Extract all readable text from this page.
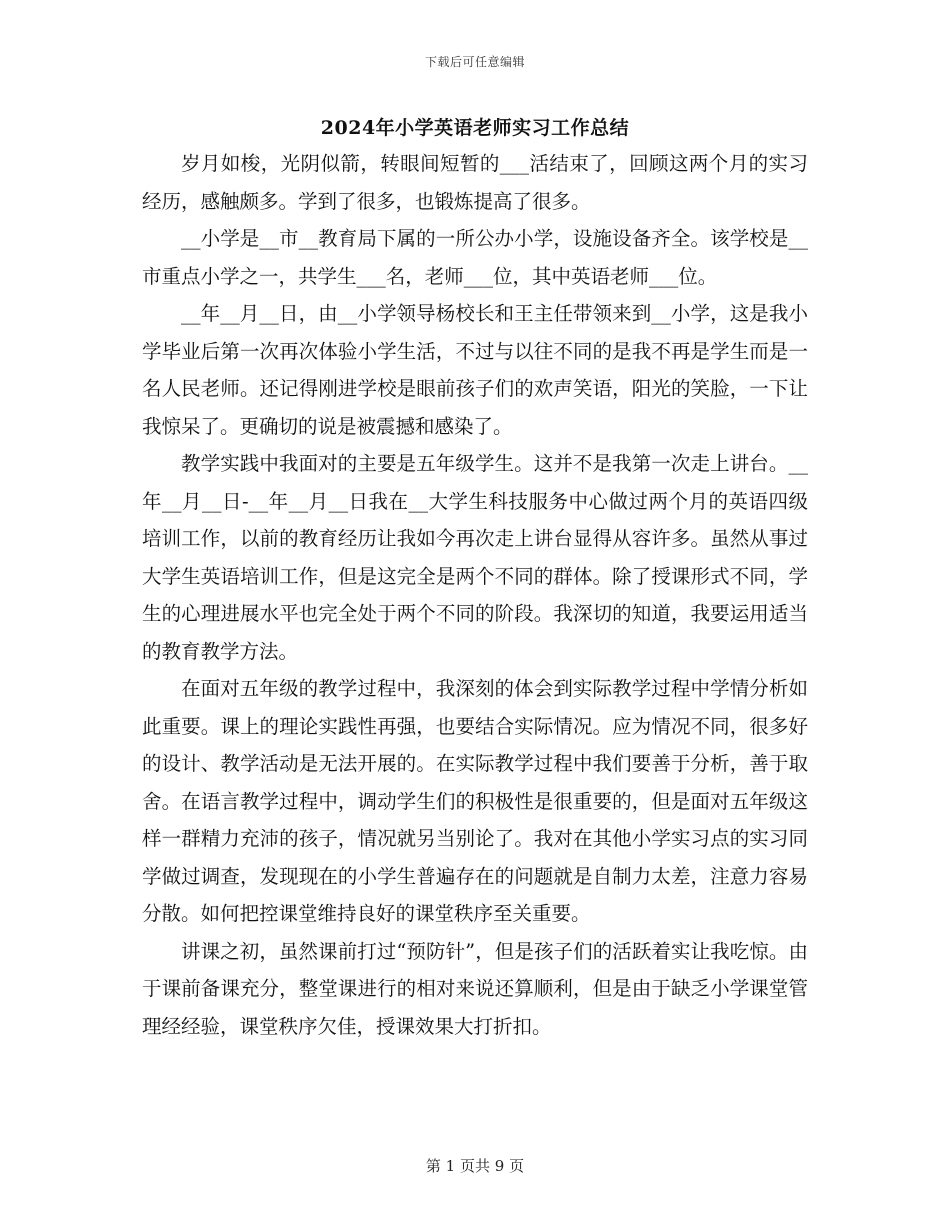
下载后可任意编辑
2024年小学英语老师实习工作总结

岁月如梭，光阴似箭，转眼间短暂的___活结束了，回顾这两个月的实习经历，感触颇多。学到了很多，也锻炼提高了很多。

__小学是__市__教育局下属的一所公办小学，设施设备齐全。该学校是__市重点小学之一，共学生___名，老师___位，其中英语老师___位。

__年__月__日，由__小学领导杨校长和王主任带领来到__小学，这是我小学毕业后第一次再次体验小学生活，不过与以往不同的是我不再是学生而是一名人民老师。还记得刚进学校是眼前孩子们的欢声笑语，阳光的笑脸，一下让我惊呆了。更确切的说是被震撼和感染了。

教学实践中我面对的主要是五年级学生。这并不是我第一次走上讲台。__年__月__日-__年__月__日我在__大学生科技服务中心做过两个月的英语四级培训工作，以前的教育经历让我如今再次走上讲台显得从容许多。虽然从事过大学生英语培训工作，但是这完全是两个不同的群体。除了授课形式不同，学生的心理进展水平也完全处于两个不同的阶段。我深切的知道，我要运用适当的教育教学方法。

在面对五年级的教学过程中，我深刻的体会到实际教学过程中学情分析如此重要。课上的理论实践性再强，也要结合实际情况。应为情况不同，很多好的设计、教学活动是无法开展的。在实际教学过程中我们要善于分析，善于取舍。在语言教学过程中，调动学生们的积极性是很重要的，但是面对五年级这样一群精力充沛的孩子，情况就另当别论了。我对在其他小学实习点的实习同学做过调查，发现现在的小学生普遍存在的问题就是自制力太差，注意力容易分散。如何把控课堂维持良好的课堂秩序至关重要。

讲课之初，虽然课前打过“预防针”，但是孩子们的活跃着实让我吃惊。由于课前备课充分，整堂课进行的相对来说还算顺利，但是由于缺乏小学课堂管理经经验，课堂秩序欠佳，授课效果大打折扣。

第 1 页共 9 页
